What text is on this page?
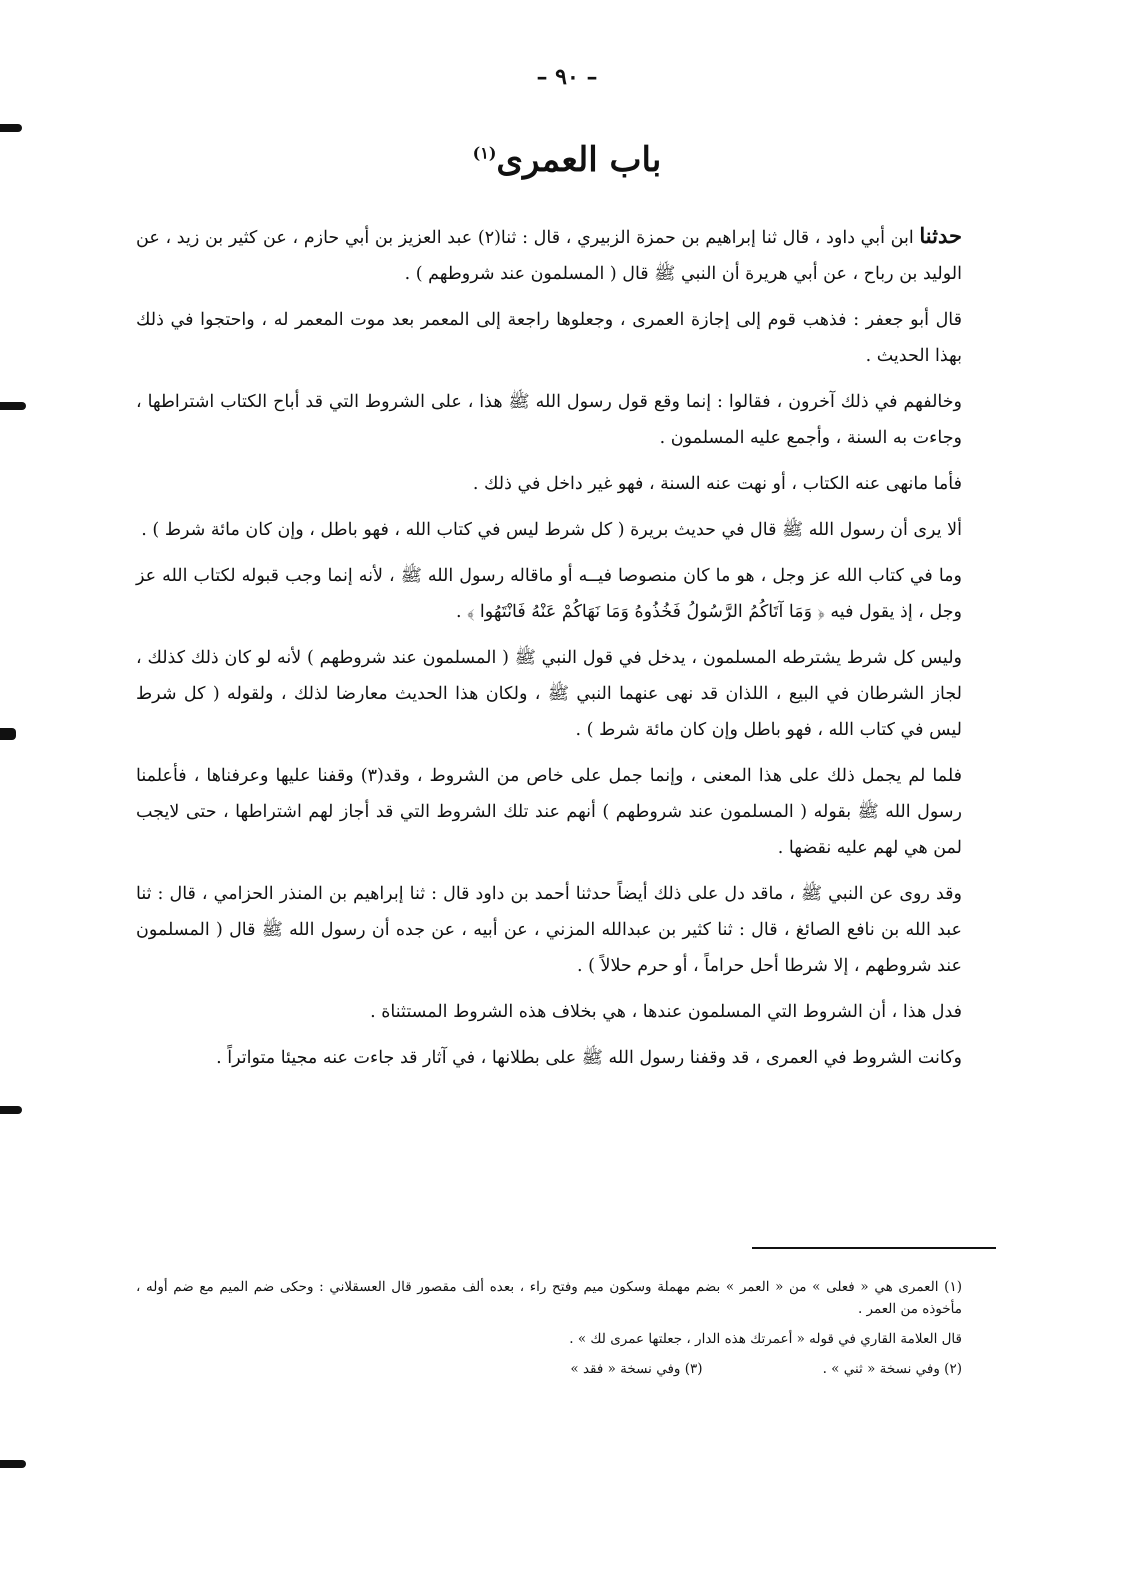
– ٩٠ –
باب العمرى$^{(١)}$

حدثنا ابن أبي داود ، قال ثنا إبراهيم بن حمزة الزبيري ، قال : ثنا(٢) عبد العزيز بن أبي حازم ، عن كثير بن زيد ، عن الوليد بن رباح ، عن أبي هريرة أن النبي ﷺ قال ( المسلمون عند شروطهم ) .

قال أبو جعفر : فذهب قوم إلى إجازة العمرى ، وجعلوها راجعة إلى المعمر بعد موت المعمر له ، واحتجوا في ذلك بهذا الحديث .

وخالفهم في ذلك آخرون ، فقالوا : إنما وقع قول رسول الله ﷺ هذا ، على الشروط التي قد أباح الكتاب اشتراطها ، وجاءت به السنة ، وأجمع عليه المسلمون .

فأما مانهى عنه الكتاب ، أو نهت عنه السنة ، فهو غير داخل في ذلك .

ألا يرى أن رسول الله ﷺ قال في حديث بريرة ( كل شرط ليس في كتاب الله ، فهو باطل ، وإن كان مائة شرط ) .

وما في كتاب الله عز وجل ، هو ما كان منصوصا فيــه أو ماقاله رسول الله ﷺ ، لأنه إنما وجب قبوله لكتاب الله عز وجل ، إذ يقول فيه ﴿ وَمَا آتَاكُمُ الرَّسُولُ فَخُذُوهُ وَمَا نَهَاكُمْ عَنْهُ فَانْتَهُوا ﴾ .

وليس كل شرط يشترطه المسلمون ، يدخل في قول النبي ﷺ ( المسلمون عند شروطهم ) لأنه لو كان ذلك كذلك ، لجاز الشرطان في البيع ، اللذان قد نهى عنهما النبي ﷺ ، ولكان هذا الحديث معارضا لذلك ، ولقوله ( كل شرط ليس في كتاب الله ، فهو باطل وإن كان مائة شرط ) .

فلما لم يجمل ذلك على هذا المعنى ، وإنما جمل على خاص من الشروط ، وقد(٣) وقفنا عليها وعرفناها ، فأعلمنا رسول الله ﷺ بقوله ( المسلمون عند شروطهم ) أنهم عند تلك الشروط التي قد أجاز لهم اشتراطها ، حتى لايجب لمن هي لهم عليه نقضها .

وقد روى عن النبي ﷺ ، ماقد دل على ذلك أيضاً حدثنا أحمد بن داود قال : ثنا إبراهيم بن المنذر الحزامي ، قال : ثنا عبد الله بن نافع الصائغ ، قال : ثنا كثير بن عبدالله المزني ، عن أبيه ، عن جده أن رسول الله ﷺ قال ( المسلمون عند شروطهم ، إلا شرطا أحل حراماً ، أو حرم حلالاً ) .

فدل هذا ، أن الشروط التي المسلمون عندها ، هي بخلاف هذه الشروط المستثناة .

وكانت الشروط في العمرى ، قد وقفنا رسول الله ﷺ على بطلانها ، في آثار قد جاءت عنه مجيئا متواتراً .

(١) العمرى هي « فعلى » من « العمر » بضم مهملة وسكون ميم وفتح راء ، بعده ألف مقصور قال العسقلاني : وحكى ضم الميم مع ضم أوله ، مأخوذه من العمر .

قال العلامة القاري في قوله « أعمرتك هذه الدار ، جعلتها عمرى لك » .

(٢) وفي نسخة « ثني » .
(٣) وفي نسخة « فقد »
